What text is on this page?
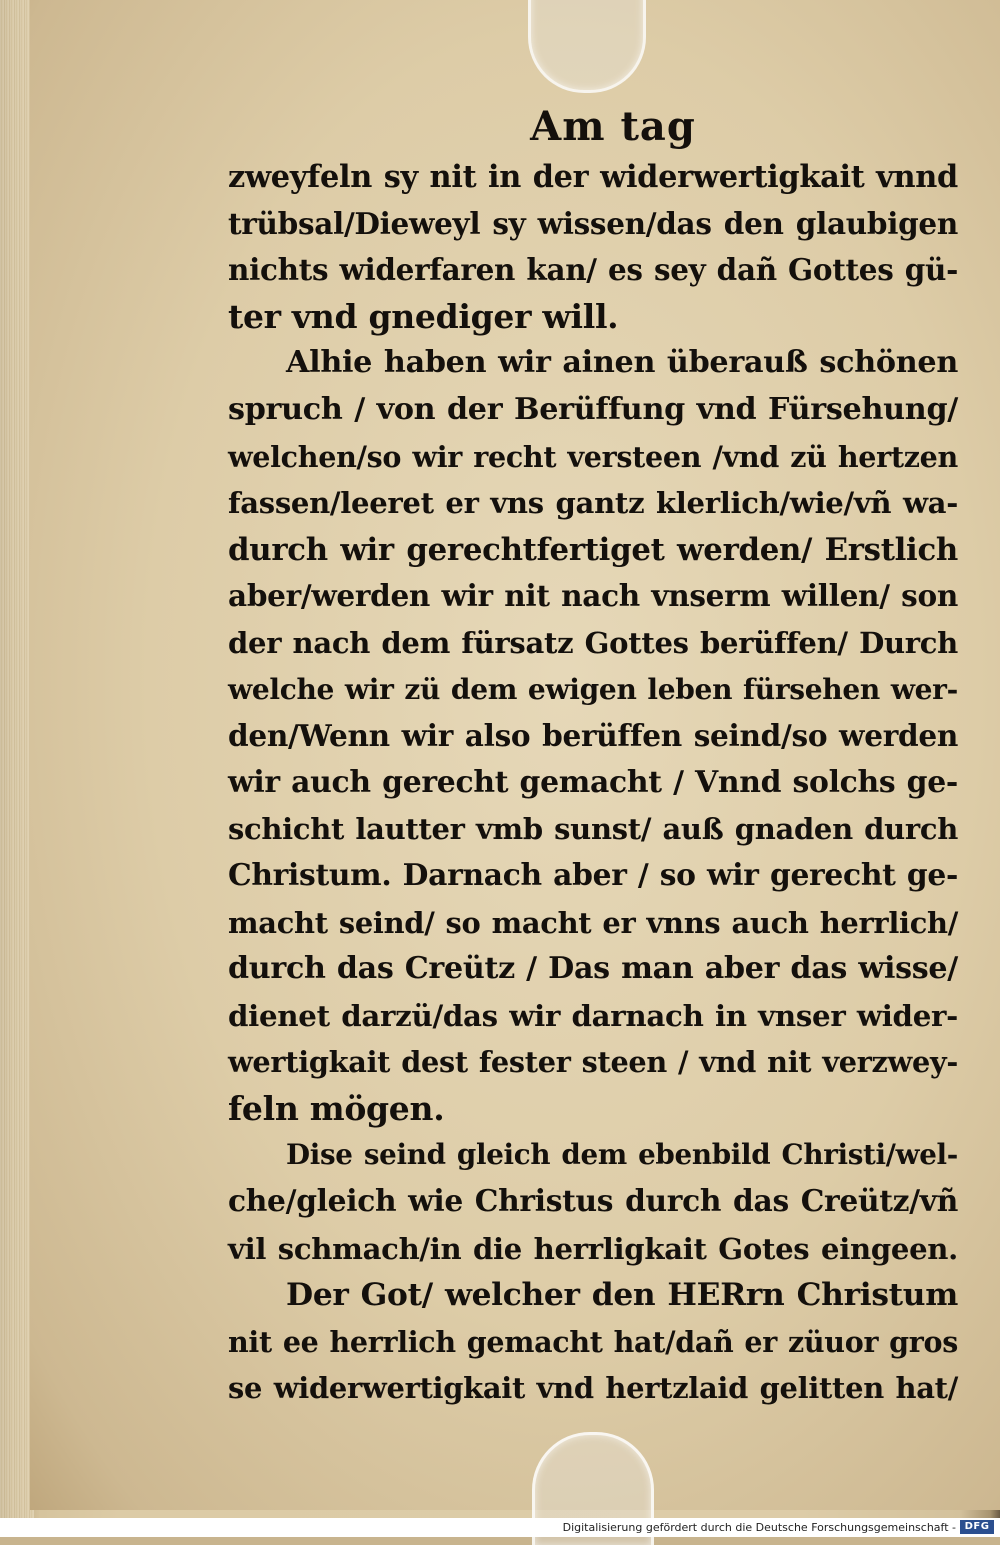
Am tag
zweyfeln sy nit in der widerwertigkait vnnd
trübsal/Dieweyl sy wissen/das den glaubigen
nichts widerfaren kan/ es sey dañ Gottes gü-
ter vnd gnediger will.
Alhie haben wir ainen überauß schönen
spruch / von der Berüffung vnd Fürsehung/
welchen/so wir recht versteen /vnd zü hertzen
fassen/leeret er vns gantz klerlich/wie/vñ wa-
durch wir gerechtfertiget werden/ Erstlich
aber/werden wir nit nach vnserm willen/ son
der nach dem fürsatz Gottes berüffen/ Durch
welche wir zü dem ewigen leben fürsehen wer-
den/Wenn wir also berüffen seind/so werden
wir auch gerecht gemacht / Vnnd solchs ge-
schicht lautter vmb sunst/ auß gnaden durch
Christum. Darnach aber / so wir gerecht ge-
macht seind/ so macht er vnns auch herrlich/
durch das Creütz / Das man aber das wisse/
dienet darzü/das wir darnach in vnser wider-
wertigkait dest fester steen / vnd nit verzwey-
feln mögen.
Dise seind gleich dem ebenbild Christi/wel-
che/gleich wie Christus durch das Creütz/vñ
vil schmach/in die herrligkait Gotes eingeen.
Der Got/ welcher den HERrn Christum
nit ee herrlich gemacht hat/dañ er züuor gros
se widerwertigkait vnd hertzlaid gelitten hat/
Digitalisierung gefördert durch die Deutsche Forschungsgemeinschaft - DFG
